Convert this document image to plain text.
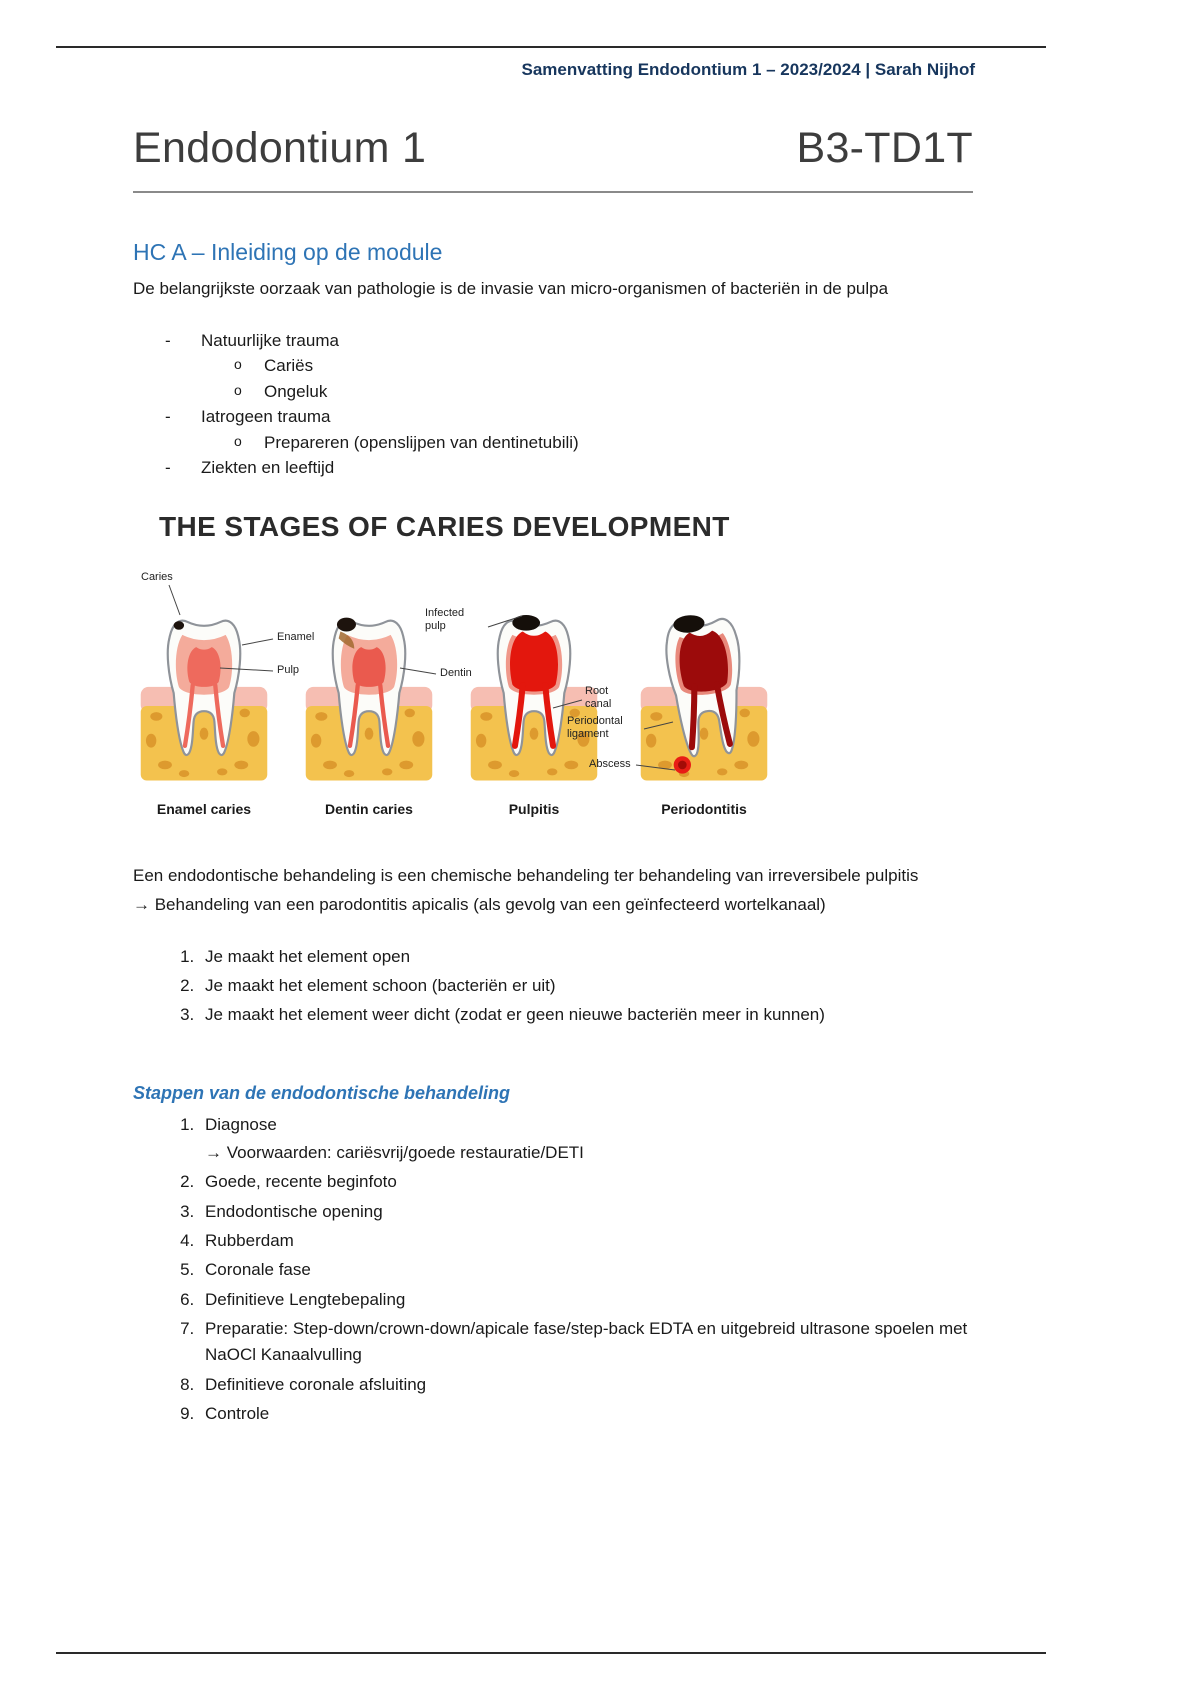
Samenvatting Endodontium 1 – 2023/2024 | Sarah Nijhof
Endodontium 1	B3-TD1T
HC A – Inleiding op de module

De belangrijkste oorzaak van pathologie is de invasie van micro-organismen of bacteriën in de pulpa

- Natuurlijke trauma
o Cariës
o Ongeluk
- Iatrogeen trauma
o Prepareren (openslijpen van dentinetubili)
- Ziekten en leeftijd
THE STAGES OF CARIES DEVELOPMENT
Caries
Enamel
Pulp	Dentin
Infected pulp
Root canal
Periodontal ligament
Abscess
Enamel caries	Dentin caries	Pulpitis	Periodontitis

Een endodontische behandeling is een chemische behandeling ter behandeling van irreversibele pulpitis

→ Behandeling van een parodontitis apicalis (als gevolg van een geïnfecteerd wortelkanaal)

1. Je maakt het element open
2. Je maakt het element schoon (bacteriën er uit)
3. Je maakt het element weer dicht (zodat er geen nieuwe bacteriën meer in kunnen)
Stappen van de endodontische behandeling
1. Diagnose
→ Voorwaarden: cariësvrij/goede restauratie/DETI
2. Goede, recente beginfoto
3. Endodontische opening
4. Rubberdam
5. Coronale fase
6. Definitieve Lengtebepaling
7. Preparatie: Step-down/crown-down/apicale fase/step-back EDTA en uitgebreid ultrasone spoelen met NaOCl Kanaalvulling
8. Definitieve coronale afsluiting
9. Controle
